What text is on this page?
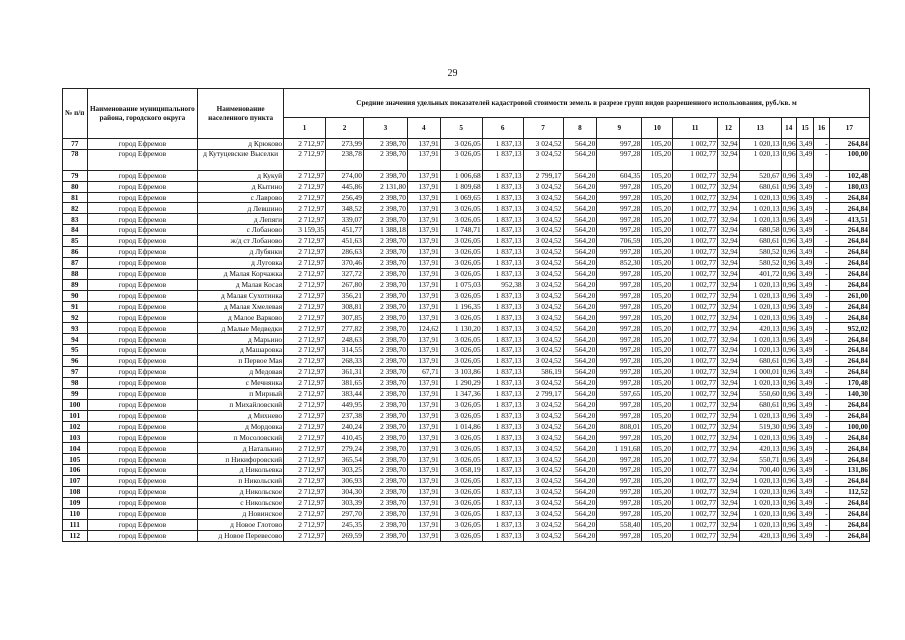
29
№ п/п	Наименование муниципального района, городского округа	Наименование населенного пункта	Средние значения удельных показателей кадастровой стоимости земель в разрезе групп видов разрешенного использования, руб./кв. м																
			1	2	3	4	5	6	7	8	9	10	11	12	13	14	15	16	17
77	город Ефремов	д Крюково	2 712,97	273,99	2 398,70	137,91	3 026,05	1 837,13	3 024,52	564,20	997,28	105,20	1 002,77	32,94	1 020,13	0,96	3,49	-	264,84
78	город Ефремов	д Кутуцевские Выселки	2 712,97	238,78	2 398,70	137,91	3 026,05	1 837,13	3 024,52	564,20	997,28	105,20	1 002,77	32,94	1 020,13	0,96	3,49	-	100,00
79	город Ефремов	д Кукуй	2 712,97	274,00	2 398,70	137,91	1 006,68	1 837,13	2 799,17	564,20	604,35	105,20	1 002,77	32,94	520,67	0,96	3,49	-	102,48
80	город Ефремов	д Кытино	2 712,97	445,86	2 131,80	137,91	1 809,68	1 837,13	3 024,52	564,20	997,28	105,20	1 002,77	32,94	680,61	0,96	3,49	-	180,03
81	город Ефремов	с Лаврово	2 712,97	256,49	2 398,70	137,91	1 069,65	1 837,13	3 024,52	564,20	997,28	105,20	1 002,77	32,94	1 020,13	0,96	3,49	-	264,84
82	город Ефремов	д Левшино	2 712,97	348,52	2 398,70	137,91	3 026,05	1 837,13	3 024,52	564,20	997,28	105,20	1 002,77	32,94	1 020,13	0,96	3,49	-	264,84
83	город Ефремов	д Лепяги	2 712,97	339,07	2 398,70	137,91	3 026,05	1 837,13	3 024,52	564,20	997,28	105,20	1 002,77	32,94	1 020,13	0,96	3,49	-	413,51
84	город Ефремов	с Лобаново	3 159,35	451,77	1 388,18	137,91	1 748,71	1 837,13	3 024,52	564,20	997,28	105,20	1 002,77	32,94	680,58	0,96	3,49	-	264,84
85	город Ефремов	ж/д ст Лобаново	2 712,97	451,63	2 398,70	137,91	3 026,05	1 837,13	3 024,52	564,20	706,59	105,20	1 002,77	32,94	680,61	0,96	3,49	-	264,84
86	город Ефремов	д Лубянки	2 712,97	286,63	2 398,70	137,91	3 026,05	1 837,13	3 024,52	564,20	997,28	105,20	1 002,77	32,94	580,52	0,96	3,49	-	264,84
87	город Ефремов	д Луговка	2 712,97	370,46	2 398,70	137,91	3 026,05	1 837,13	3 024,52	564,20	852,30	105,20	1 002,77	32,94	580,52	0,96	3,49	-	264,84
88	город Ефремов	д Малая Корчажка	2 712,97	327,72	2 398,70	137,91	3 026,05	1 837,13	3 024,52	564,20	997,28	105,20	1 002,77	32,94	401,72	0,96	3,49	-	264,84
89	город Ефремов	д Малая Косая	2 712,97	267,80	2 398,70	137,91	1 075,03	952,38	3 024,52	564,20	997,28	105,20	1 002,77	32,94	1 020,13	0,96	3,49	-	264,84
90	город Ефремов	д Малая Сухотинка	2 712,97	356,21	2 398,70	137,91	3 026,05	1 837,13	3 024,52	564,20	997,28	105,20	1 002,77	32,94	1 020,13	0,96	3,49	-	261,00
91	город Ефремов	д Малая Хмелевая	2 712,97	308,81	2 398,70	137,91	1 196,35	1 837,13	3 024,52	564,20	997,28	105,20	1 002,77	32,94	1 020,13	0,96	3,49	-	264,84
92	город Ефремов	д Малое Варково	2 712,97	307,85	2 398,70	137,91	3 026,05	1 837,13	3 024,52	564,20	997,28	105,20	1 002,77	32,94	1 020,13	0,96	3,49	-	264,84
93	город Ефремов	д Малые Медведки	2 712,97	277,82	2 398,70	124,62	1 130,20	1 837,13	3 024,52	564,20	997,28	105,20	1 002,77	32,94	420,13	0,96	3,49	-	952,02
94	город Ефремов	д Марьино	2 712,97	248,63	2 398,70	137,91	3 026,05	1 837,13	3 024,52	564,20	997,28	105,20	1 002,77	32,94	1 020,13	0,96	3,49	-	264,84
95	город Ефремов	д Машаровка	2 712,97	314,55	2 398,70	137,91	3 026,05	1 837,13	3 024,52	564,20	997,28	105,20	1 002,77	32,94	1 020,13	0,96	3,49	-	264,84
96	город Ефремов	п Первое Мая	2 712,97	268,33	2 398,70	137,91	3 026,05	1 837,13	3 024,52	564,20	997,28	105,20	1 002,77	32,94	680,61	0,96	3,49	-	264,84
97	город Ефремов	д Медовая	2 712,97	361,31	2 398,70	67,71	3 103,86	1 837,13	586,19	564,20	997,28	105,20	1 002,77	32,94	1 000,01	0,96	3,49	-	264,84
98	город Ефремов	с Мечнянка	2 712,97	381,65	2 398,70	137,91	1 290,29	1 837,13	3 024,52	564,20	997,28	105,20	1 002,77	32,94	1 020,13	0,96	3,49	-	170,48
99	город Ефремов	п Мирный	2 712,97	383,44	2 398,70	137,91	1 347,36	1 837,13	2 799,17	564,20	597,65	105,20	1 002,77	32,94	550,60	0,96	3,49	-	140,30
100	город Ефремов	п Михайловский	2 712,97	449,95	2 398,70	137,91	3 026,05	1 837,13	3 024,52	564,20	997,28	105,20	1 002,77	32,94	680,61	0,96	3,49	-	264,84
101	город Ефремов	д Михнево	2 712,97	237,38	2 398,70	137,91	3 026,05	1 837,13	3 024,52	564,20	997,28	105,20	1 002,77	32,94	1 020,13	0,96	3,49	-	264,84
102	город Ефремов	д Мордовка	2 712,97	240,24	2 398,70	137,91	1 014,86	1 837,13	3 024,52	564,20	808,01	105,20	1 002,77	32,94	519,30	0,96	3,49	-	100,00
103	город Ефремов	п Мосоловский	2 712,97	410,45	2 398,70	137,91	3 026,05	1 837,13	3 024,52	564,20	997,28	105,20	1 002,77	32,94	1 020,13	0,96	3,49	-	264,84
104	город Ефремов	д Натальино	2 712,97	279,24	2 398,70	137,91	3 026,05	1 837,13	3 024,52	564,20	1 191,68	105,20	1 002,77	32,94	420,13	0,96	3,49	-	264,84
105	город Ефремов	п Никифоровский	2 712,97	365,54	2 398,70	137,91	3 026,05	1 837,13	3 024,52	564,20	997,28	105,20	1 002,77	32,94	550,71	0,96	3,49	-	264,84
106	город Ефремов	д Никольевка	2 712,97	303,25	2 398,70	137,91	3 058,19	1 837,13	3 024,52	564,20	997,28	105,20	1 002,77	32,94	700,40	0,96	3,49	-	131,86
107	город Ефремов	п Никольский	2 712,97	306,93	2 398,70	137,91	3 026,05	1 837,13	3 024,52	564,20	997,28	105,20	1 002,77	32,94	1 020,13	0,96	3,49	-	264,84
108	город Ефремов	д Никольское	2 712,97	304,30	2 398,70	137,91	3 026,05	1 837,13	3 024,52	564,20	997,28	105,20	1 002,77	32,94	1 020,13	0,96	3,49	-	112,52
109	город Ефремов	с Никольское	2 712,97	303,39	2 398,70	137,91	3 026,05	1 837,13	3 024,52	564,20	997,28	105,20	1 002,77	32,94	1 020,13	0,96	3,49	-	264,84
110	город Ефремов	д Новинское	2 712,97	297,70	2 398,70	137,91	3 026,05	1 837,13	3 024,52	564,20	997,28	105,20	1 002,77	32,94	1 020,13	0,96	3,49	-	264,84
111	город Ефремов	д Новое Глотово	2 712,97	245,35	2 398,70	137,91	3 026,05	1 837,13	3 024,52	564,20	558,40	105,20	1 002,77	32,94	1 020,13	0,96	3,49	-	264,84
112	город Ефремов	д Новое Перевесово	2 712,97	269,59	2 398,70	137,91	3 026,05	1 837,13	3 024,52	564,20	997,28	105,20	1 002,77	32,94	420,13	0,96	3,49	-	264,84
